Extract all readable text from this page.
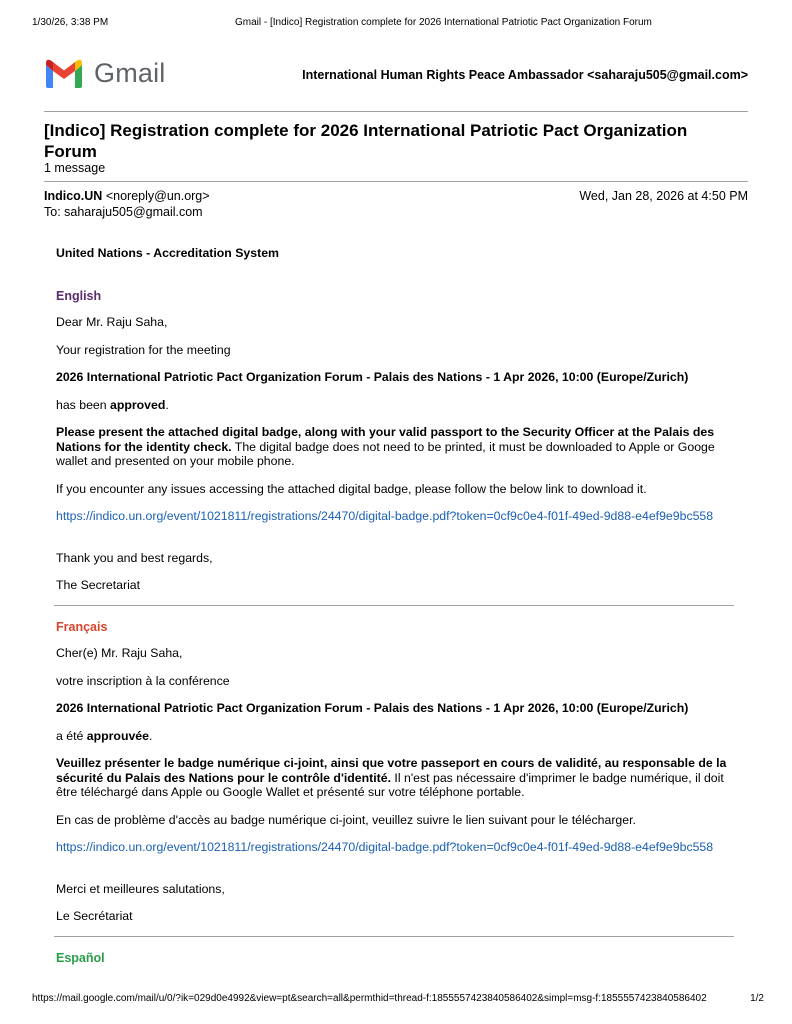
1/30/26, 3:38 PM	Gmail - [Indico] Registration complete for 2026 International Patriotic Pact Organization Forum
Gmail	International Human Rights Peace Ambassador <saharaju505@gmail.com>
[Indico] Registration complete for 2026 International Patriotic Pact Organization Forum
1 message
Indico.UN <noreply@un.org>	Wed, Jan 28, 2026 at 4:50 PM
To: saharaju505@gmail.com

United Nations - Accreditation System

English

Dear Mr. Raju Saha,

Your registration for the meeting

2026 International Patriotic Pact Organization Forum - Palais des Nations - 1 Apr 2026, 10:00 (Europe/Zurich)

has been approved.

Please present the attached digital badge, along with your valid passport to the Security Officer at the Palais des Nations for the identity check. The digital badge does not need to be printed, it must be downloaded to Apple or Googe wallet and presented on your mobile phone.

If you encounter any issues accessing the attached digital badge, please follow the below link to download it.

https://indico.un.org/event/1021811/registrations/24470/digital-badge.pdf?token=0cf9c0e4-f01f-49ed-9d88-e4ef9e9bc558

Thank you and best regards,

The Secretariat

Français

Cher(e) Mr. Raju Saha,

votre inscription à la conférence

2026 International Patriotic Pact Organization Forum - Palais des Nations - 1 Apr 2026, 10:00 (Europe/Zurich)

a été approuvée.

Veuillez présenter le badge numérique ci-joint, ainsi que votre passeport en cours de validité, au responsable de la sécurité du Palais des Nations pour le contrôle d'identité. Il n'est pas nécessaire d'imprimer le badge numérique, il doit être téléchargé dans Apple ou Google Wallet et présenté sur votre téléphone portable.

En cas de problème d'accès au badge numérique ci-joint, veuillez suivre le lien suivant pour le télécharger.

https://indico.un.org/event/1021811/registrations/24470/digital-badge.pdf?token=0cf9c0e4-f01f-49ed-9d88-e4ef9e9bc558

Merci et meilleures salutations,

Le Secrétariat

Español

https://mail.google.com/mail/u/0/?ik=029d0e4992&view=pt&search=all&permthid=thread-f:1855557423840586402&simpl=msg-f:1855557423840586402	1/2
